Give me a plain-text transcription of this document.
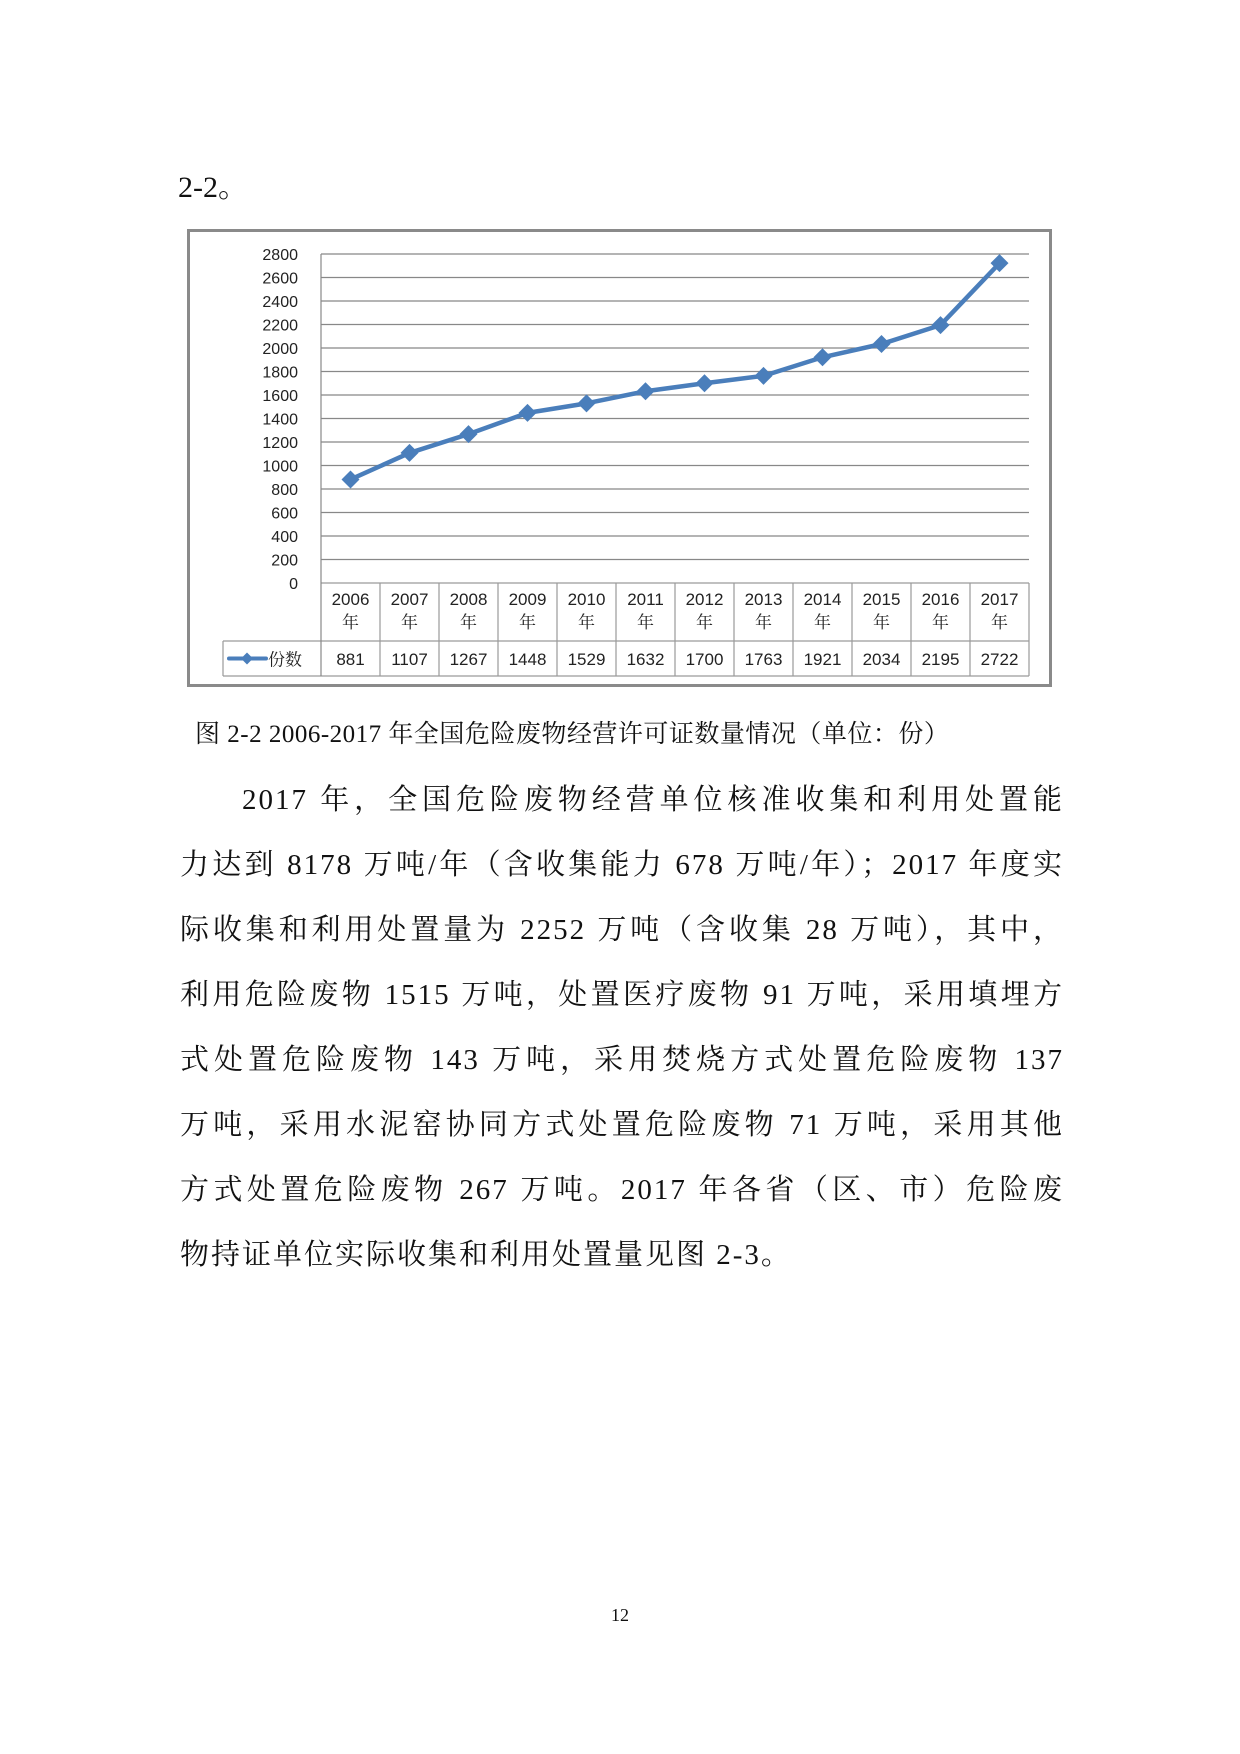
2-2。
0
200
400
600
800
1000
1200
1400
1600
1800
2000
2200
2400
2600
2800
2006
年
2007
年
2008
年
2009
年
2010
年
2011
年
2012
年
2013
年
2014
年
2015
年
2016
年
2017
年
881 1107 1267 1448 1529 1632 1700 1763 1921 2034 2195 2722
份数
图 2-2 2006-2017 年全国危险废物经营许可证数量情况（单位：份）
2017 年，全国危险废物经营单位核准收集和利用处置能
力达到 8178 万吨/年（含收集能力 678 万吨/年）；2017 年度实
际收集和利用处置量为 2252 万吨（含收集 28 万吨），其中，
利用危险废物 1515 万吨，处置医疗废物 91 万吨，采用填埋方
式处置危险废物 143 万吨，采用焚烧方式处置危险废物 137
万吨，采用水泥窑协同方式处置危险废物 71 万吨，采用其他
方式处置危险废物 267 万吨。2017 年各省（区、市）危险废
物持证单位实际收集和利用处置量见图 2-3。
12
